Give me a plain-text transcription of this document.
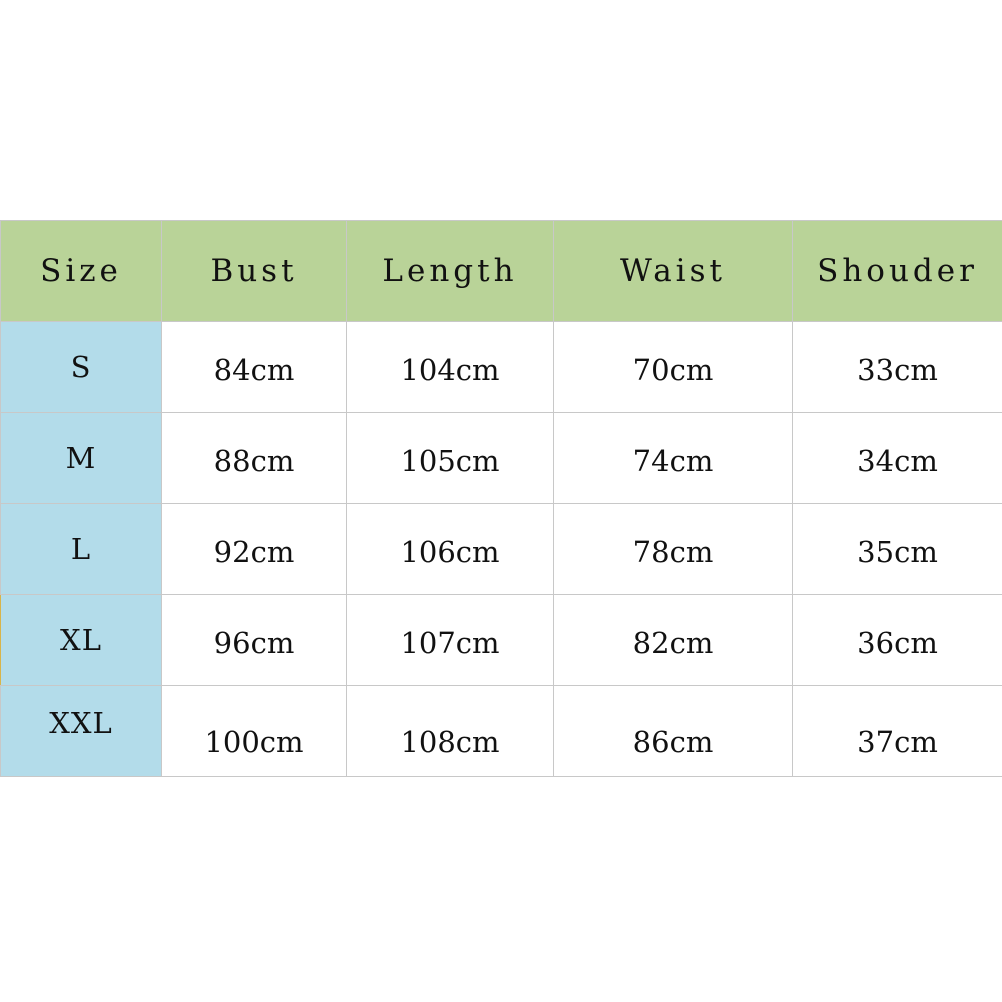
Size	Bust	Length	Waist	Shouder
S	84cm	104cm	70cm	33cm
M	88cm	105cm	74cm	34cm
L	92cm	106cm	78cm	35cm
XL	96cm	107cm	82cm	36cm
XXL	100cm	108cm	86cm	37cm
